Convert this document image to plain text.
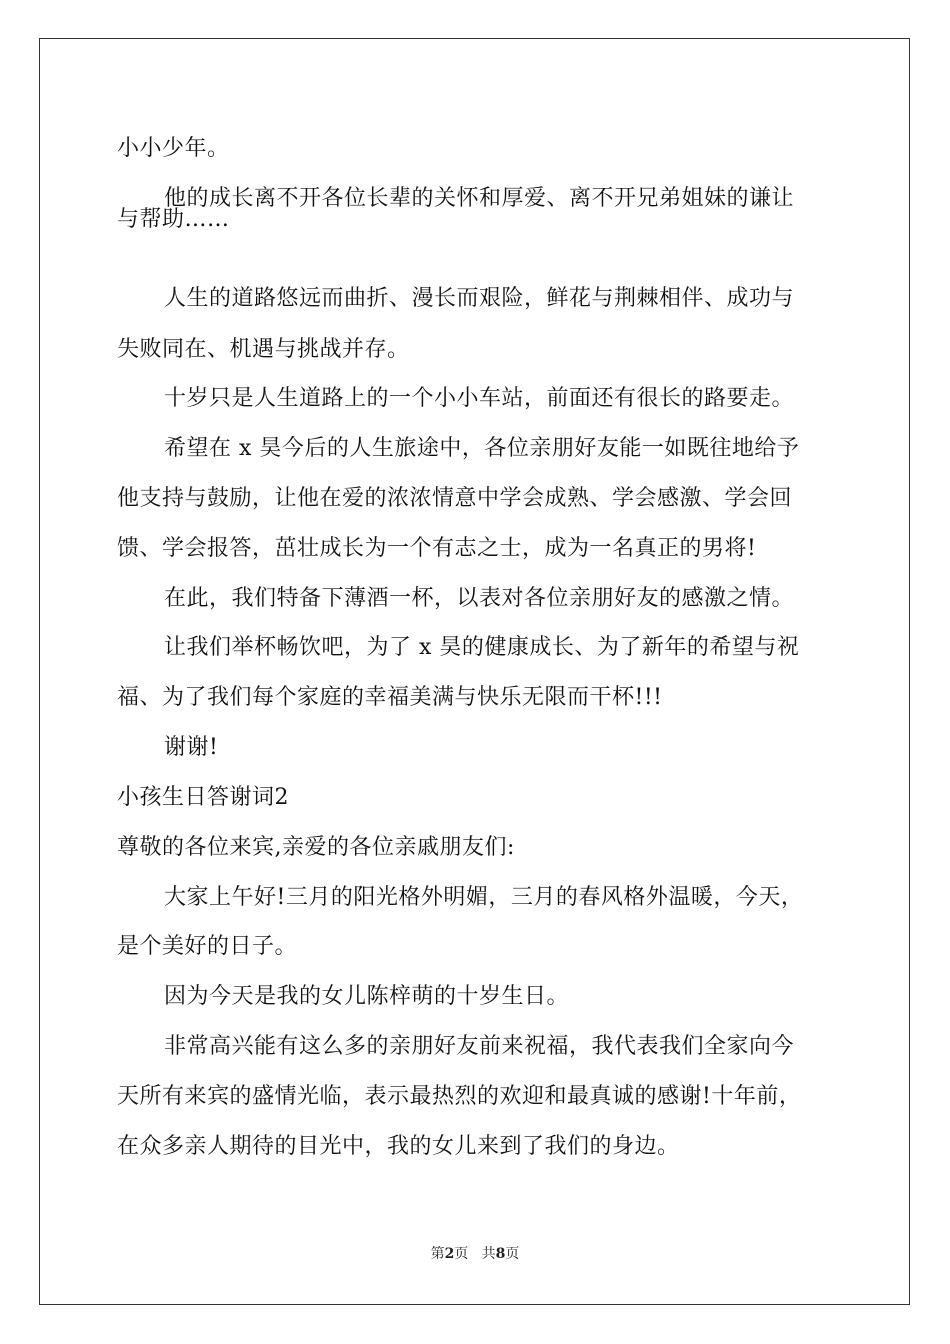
小小少年。
他的成长离不开各位长辈的关怀和厚爱、离不开兄弟姐妹的谦让
与帮助……
人生的道路悠远而曲折、漫长而艰险，鲜花与荆棘相伴、成功与
失败同在、机遇与挑战并存。
十岁只是人生道路上的一个小小车站，前面还有很长的路要走。
希望在 x 昊今后的人生旅途中，各位亲朋好友能一如既往地给予
他支持与鼓励，让他在爱的浓浓情意中学会成熟、学会感激、学会回
馈、学会报答，茁壮成长为一个有志之士，成为一名真正的男将!
在此，我们特备下薄酒一杯，以表对各位亲朋好友的感激之情。
让我们举杯畅饮吧，为了 x 昊的健康成长、为了新年的希望与祝
福、为了我们每个家庭的幸福美满与快乐无限而干杯!!!
谢谢!
小孩生日答谢词2
尊敬的各位来宾,亲爱的各位亲戚朋友们:
大家上午好!三月的阳光格外明媚，三月的春风格外温暖，今天，
是个美好的日子。
因为今天是我的女儿陈梓萌的十岁生日。
非常高兴能有这么多的亲朋好友前来祝福，我代表我们全家向今
天所有来宾的盛情光临，表示最热烈的欢迎和最真诚的感谢!十年前，
在众多亲人期待的目光中，我的女儿来到了我们的身边。
第2页 共8页
